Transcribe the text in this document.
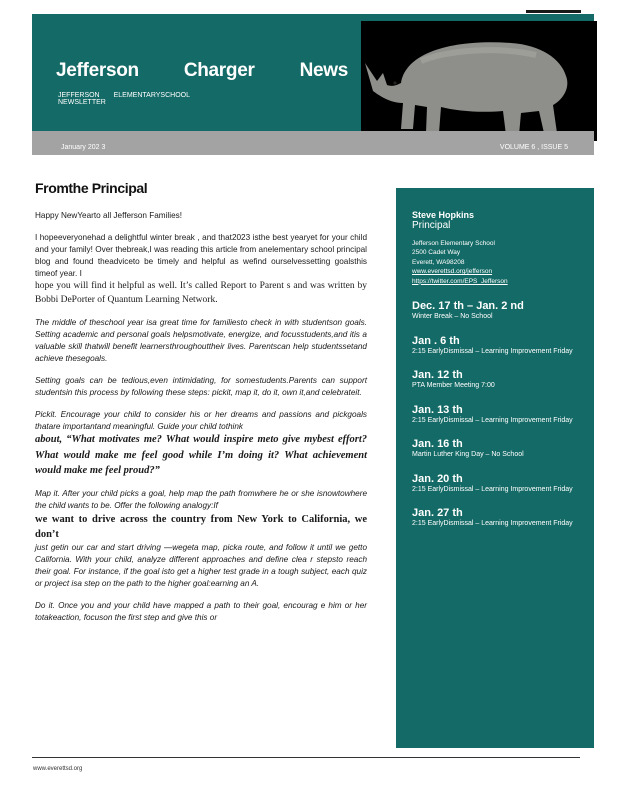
Jefferson Charger News
JEFFERSON ELEMENTARYSCHOOLNEWSLETTER
January 202 3	VOLUME 6 , ISSUE 5
Fromthe Principal

Happy NewYearto all Jefferson Families!

I hopeeveryonehad a delightful winter break , and that2023 isthe best yearyet for your child and your family! Over thebreak,I was reading this article from anelementary school principal blog and found theadviceto be timely and helpful as wefind ourselvessetting goalsthis timeof year. I

hope you will find it helpful as well. It’s called Report to Parent s and was written by Bobbi DePorter of Quantum Learning Network.

The middle of theschool year isa great time for familiesto check in with studentson goals. Setting academic and personal goals helpsmotivate, energize, and focusstudents,and itis a valuable skill thatwill benefit learnersthroughouttheir lives. Parentscan help studentssetand achieve thesegoals.

Setting goals can be tedious,even intimidating, for somestudents.Parents can support studentsin this process by following these steps: pickit, map it, do it, own it,and celebrateit.

Pickit. Encourage your child to consider his or her dreams and passions and pickgoals thatare importantand meaningful. Guide your child tothink

about, “What motivates me? What would inspire meto give mybest effort? What would make me feel good while I’m doing it? What achievement would make me feel proud?”

Map it. After your child picks a goal, help map the path fromwhere he or she isnowtowhere the child wants to be. Offer the following analogy:If

we want to drive across the country from New York to California, we don’t

just getin our car and start driving —wegeta map, picka route, and follow it until we getto California. With your child, analyze different approaches and define clea r stepsto reach their goal. For instance, if the goal isto get a higher test grade in a tough subject, each quiz or project isa step on the path to the higher goal:earning an A.

Do it. Once you and your child have mapped a path to their goal, encourag e him or her totakeaction, focuson the first step and give this or

Steve Hopkins
Principal
Jefferson Elementary School
2500 Cadet Way
Everett, WA98208
www.everettsd.org/jefferson
https://twitter.com/EPS_Jefferson
Dec. 17 th – Jan. 2 nd
Winter Break – No School
Jan . 6 th
2:15 EarlyDismissal – Learning Improvement Friday
Jan. 12 th
PTA Member Meeting 7:00
Jan. 13 th
2:15 EarlyDismissal – Learning Improvement Friday
Jan. 16 th
Martin Luther King Day – No School
Jan. 20 th
2:15 EarlyDismissal – Learning Improvement Friday
Jan. 27 th
2:15 EarlyDismissal – Learning Improvement Friday
www.everettsd.org
